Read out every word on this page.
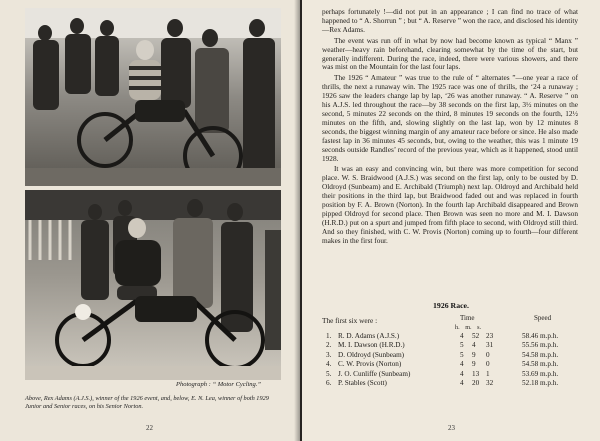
Photograph : “ Motor Cycling.”
Above, Rex Adams (A.J.S.), winner of the 1926 event, and, below, E. N. Lea, winner of both 1929 Junior and Senior races, on his Senior Norton.
22

perhaps fortunately !—did not put in an appearance ; I can find no trace of what happened to “ A. Shorrun ” ; but “ A. Reserve ” won the race, and disclosed his identity—Rex Adams.

The event was run off in what by now had become known as typical “ Manx ” weather—heavy rain beforehand, clearing somewhat by the time of the start, but generally indifferent. During the race, indeed, there were various showers, and there was mist on the Mountain for the last four laps.

The 1926 “ Amateur ” was true to the rule of “ alternates ”—one year a race of thrills, the next a runaway win. The 1925 race was one of thrills, the ‘24 a runaway ; 1926 saw the leaders change lap by lap, ‘26 was another runaway. “ A. Reserve ” on his A.J.S. led throughout the race—by 38 seconds on the first lap, 3½ minutes on the second, 5 minutes 22 seconds on the third, 8 minutes 19 seconds on the fourth, 12½ minutes on the fifth, and, slowing slightly on the last lap, won by 12 minutes 8 seconds, the biggest winning margin of any amateur race before or since. He also made fastest lap in 36 minutes 45 seconds, but, owing to the weather, this was 1 minute 19 seconds outside Randles’ record of the previous year, which as it happened, stood until 1928.

It was an easy and convincing win, but there was more competition for second place. W. S. Braidwood (A.J.S.) was second on the first lap, only to be ousted by D. Oldroyd (Sunbeam) and E. Archibald (Triumph) next lap. Oldroyd and Archibald held their positions in the third lap, but Braidwood faded out and was replaced in fourth position by F. A. Brown (Norton). In the fourth lap Archibald disappeared and Brown pipped Oldroyd for second place. Then Brown was seen no more and M. I. Dawson (H.R.D.) put on a spurt and jumped from fifth place to second, with Oldroyd still third. And so they finished, with C. W. Provis (Norton) coming up to fourth—four different makes in the first four.

1926 Race.
The first six were :	Time	Speed
h. m. s.
1. R. D. Adams (A.J.S.)	4 52 23	58.46 m.p.h.
2. M. I. Dawson (H.R.D.)	5 4 31	55.56 m.p.h.
3. D. Oldroyd (Sunbeam)	5 9 0	54.58 m.p.h.
4. C. W. Provis (Norton)	4 9 0	54.58 m.p.h.
5. J. O. Cunliffe (Sunbeam)	4 13 1	53.69 m.p.h.
6. P. Stables (Scott)	4 20 32	52.18 m.p.h.
23
